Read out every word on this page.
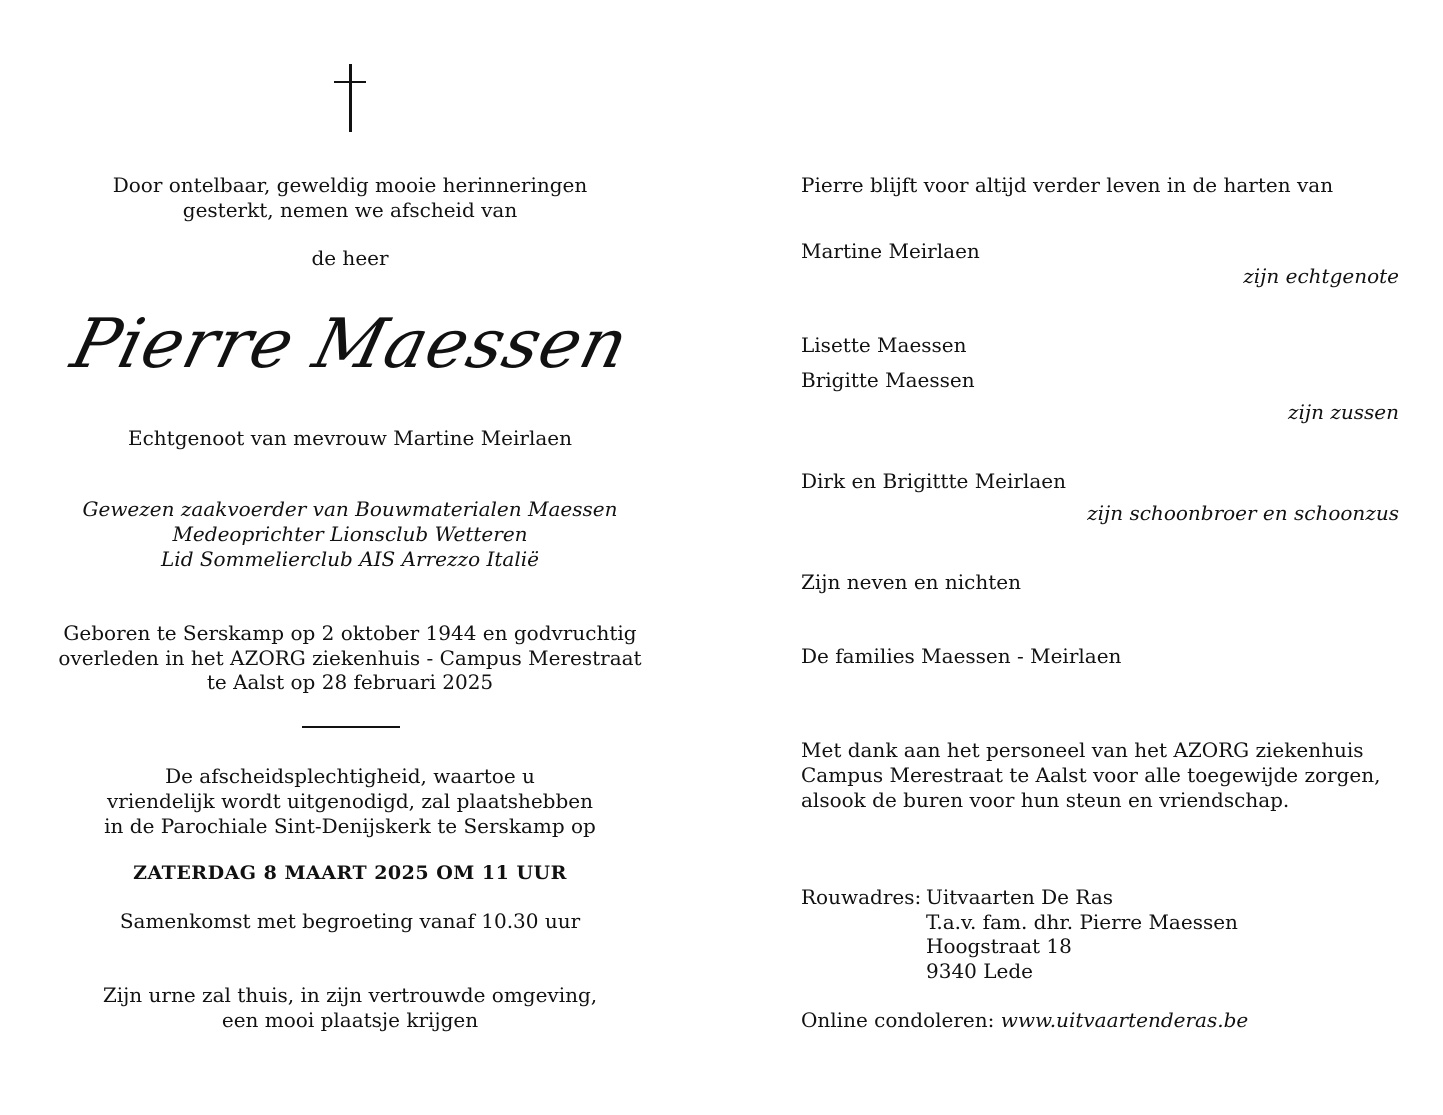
Door ontelbaar, geweldig mooie herinneringen
gesterkt, nemen we afscheid van
de heer
Pierre Maessen
Echtgenoot van mevrouw Martine Meirlaen
Gewezen zaakvoerder van Bouwmaterialen Maessen
Medeoprichter Lionsclub Wetteren
Lid Sommelierclub AIS Arrezzo Italië
Geboren te Serskamp op 2 oktober 1944 en godvruchtig
overleden in het AZORG ziekenhuis - Campus Merestraat
te Aalst op 28 februari 2025
De afscheidsplechtigheid, waartoe u
vriendelijk wordt uitgenodigd, zal plaatshebben
in de Parochiale Sint-Denijskerk te Serskamp op
ZATERDAG 8 MAART 2025 OM 11 UUR
Samenkomst met begroeting vanaf 10.30 uur
Zijn urne zal thuis, in zijn vertrouwde omgeving,
een mooi plaatsje krijgen
Pierre blijft voor altijd verder leven in de harten van
Martine Meirlaen
zijn echtgenote
Lisette Maessen
Brigitte Maessen
zijn zussen
Dirk en Brigittte Meirlaen
zijn schoonbroer en schoonzus
Zijn neven en nichten
De families Maessen - Meirlaen
Met dank aan het personeel van het AZORG ziekenhuis
Campus Merestraat te Aalst voor alle toegewijde zorgen,
alsook de buren voor hun steun en vriendschap.
Rouwadres: Uitvaarten De Ras
T.a.v. fam. dhr. Pierre Maessen
Hoogstraat 18
9340 Lede
Online condoleren: www.uitvaartenderas.be
